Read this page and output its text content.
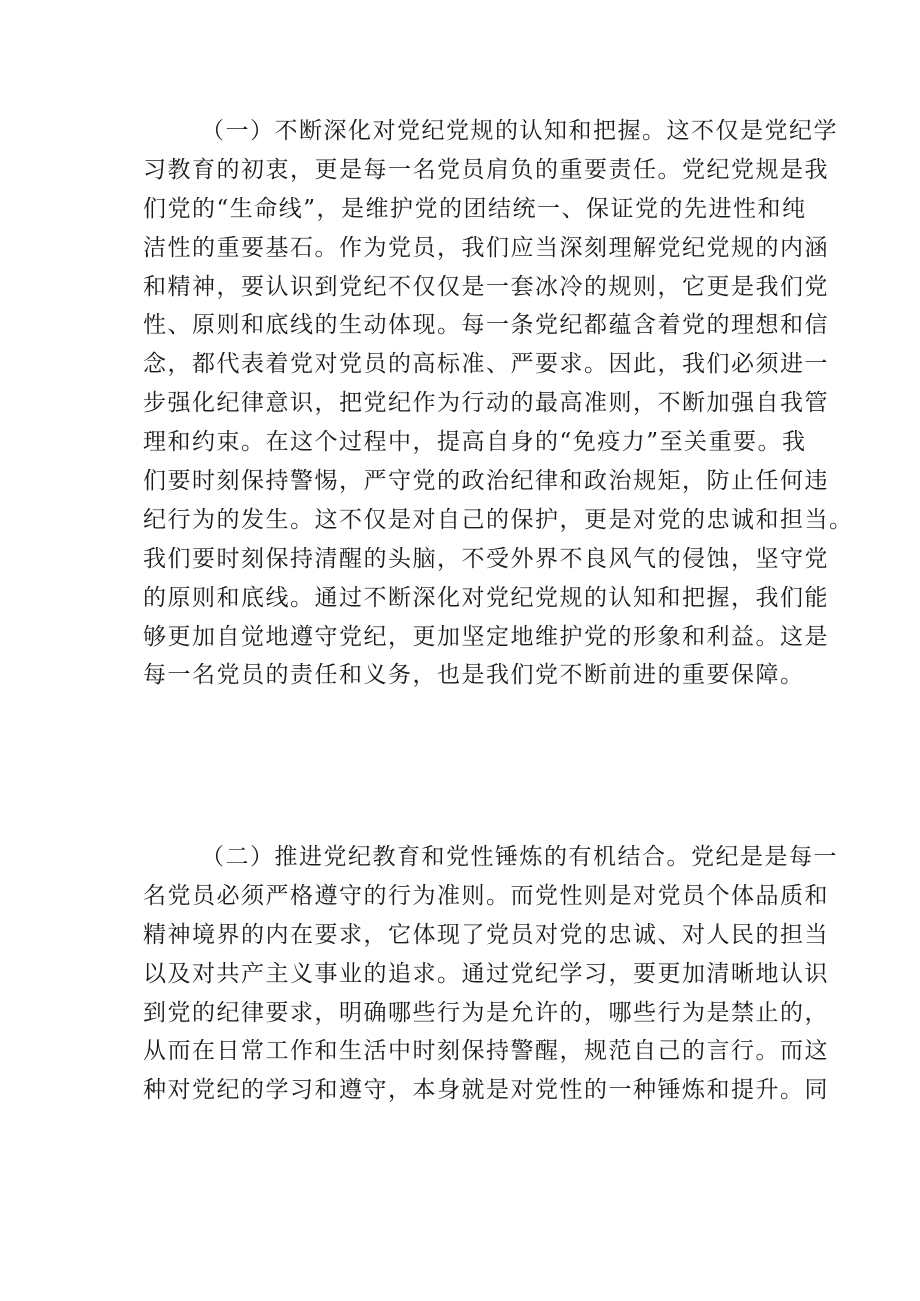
（一）不断深化对党纪党规的认知和把握。这不仅是党纪学
习教育的初衷，更是每一名党员肩负的重要责任。党纪党规是我
们党的“生命线”，是维护党的团结统一、保证党的先进性和纯
洁性的重要基石。作为党员，我们应当深刻理解党纪党规的内涵
和精神，要认识到党纪不仅仅是一套冰冷的规则，它更是我们党
性、原则和底线的生动体现。每一条党纪都蕴含着党的理想和信
念，都代表着党对党员的高标准、严要求。因此，我们必须进一
步强化纪律意识，把党纪作为行动的最高准则，不断加强自我管
理和约束。在这个过程中，提高自身的“免疫力”至关重要。我
们要时刻保持警惕，严守党的政治纪律和政治规矩，防止任何违
纪行为的发生。这不仅是对自己的保护，更是对党的忠诚和担当。
我们要时刻保持清醒的头脑，不受外界不良风气的侵蚀，坚守党
的原则和底线。通过不断深化对党纪党规的认知和把握，我们能
够更加自觉地遵守党纪，更加坚定地维护党的形象和利益。这是
每一名党员的责任和义务，也是我们党不断前进的重要保障。
（二）推进党纪教育和党性锤炼的有机结合。党纪是是每一
名党员必须严格遵守的行为准则。而党性则是对党员个体品质和
精神境界的内在要求，它体现了党员对党的忠诚、对人民的担当
以及对共产主义事业的追求。通过党纪学习，要更加清晰地认识
到党的纪律要求，明确哪些行为是允许的，哪些行为是禁止的，
从而在日常工作和生活中时刻保持警醒，规范自己的言行。而这
种对党纪的学习和遵守，本身就是对党性的一种锤炼和提升。同
